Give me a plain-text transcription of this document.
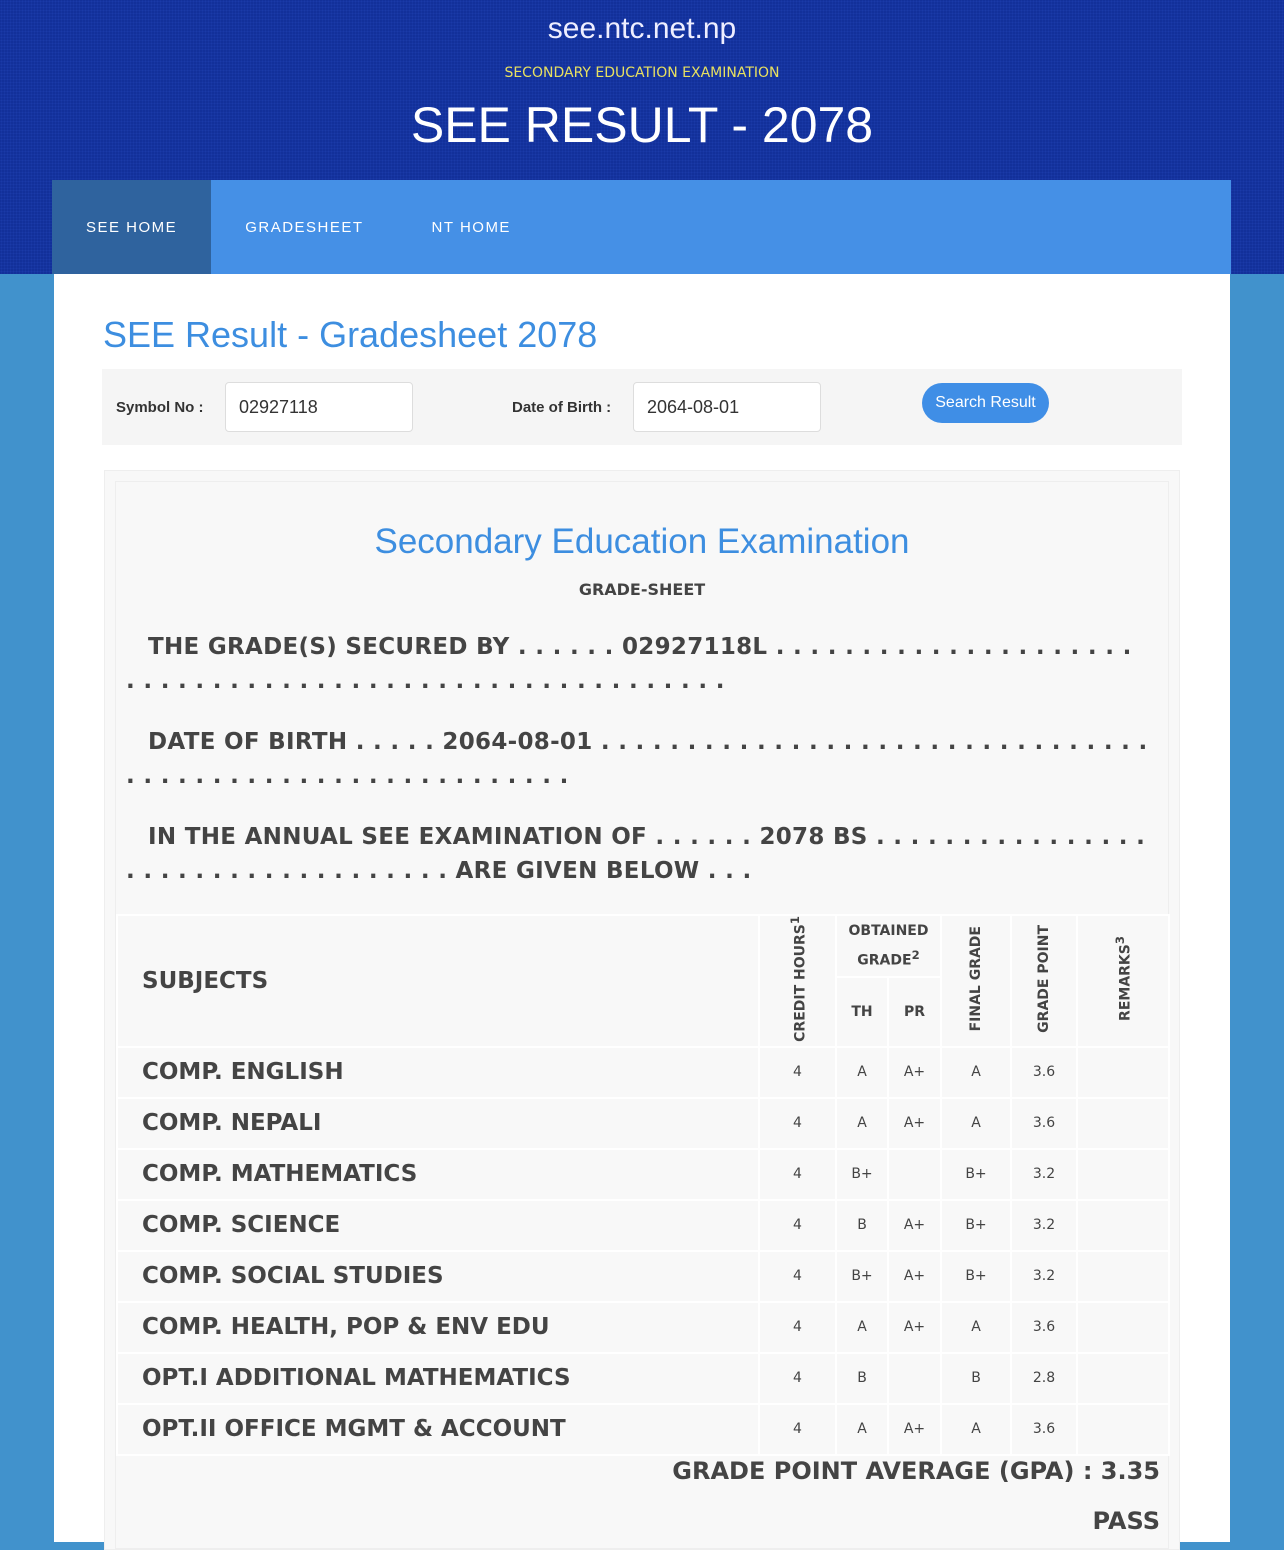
see.ntc.net.np
SECONDARY EDUCATION EXAMINATION
SEE RESULT - 2078
SEE HOME	GRADESHEET	NT HOME
SEE Result - Gradesheet 2078
Symbol No :
02927118	Date of Birth :
2064-08-01	Search Result
Secondary Education Examination
GRADE-SHEET
THE GRADE(S) SECURED BY . . . . . . 02927118L . . . . . . . . . . . . . . . . . . . . . . . . . . . . . . . . . . . . . . . . . . . . . . . . . . . . . . . .
DATE OF BIRTH . . . . . 2064-08-01 . . . . . . . . . . . . . . . . . . . . . . . . . . . . . . . . . . . . . . . . . . . . . . . . . . . . . . . . . .
IN THE ANNUAL SEE EXAMINATION OF . . . . . . 2078 BS . . . . . . . . . . . . . . . . . . . . . . . . . . . . . . . . . . . ARE GIVEN BELOW . . .
SUBJECTS	CREDIT HOURS$^1$	OBTAINED GRADE$^2$		FINAL GRADE	GRADE POINT	REMARKS$^3$
		TH	PR			
COMP. ENGLISH	4	A	A+	A	3.6	
COMP. NEPALI	4	A	A+	A	3.6	
COMP. MATHEMATICS	4	B+		B+	3.2	
COMP. SCIENCE	4	B	A+	B+	3.2	
COMP. SOCIAL STUDIES	4	B+	A+	B+	3.2	
COMP. HEALTH, POP & ENV EDU	4	A	A+	A	3.6	
OPT.I ADDITIONAL MATHEMATICS	4	B		B	2.8	
OPT.II OFFICE MGMT & ACCOUNT	4	A	A+	A	3.6	
GRADE POINT AVERAGE (GPA) : 3.35
PASS
